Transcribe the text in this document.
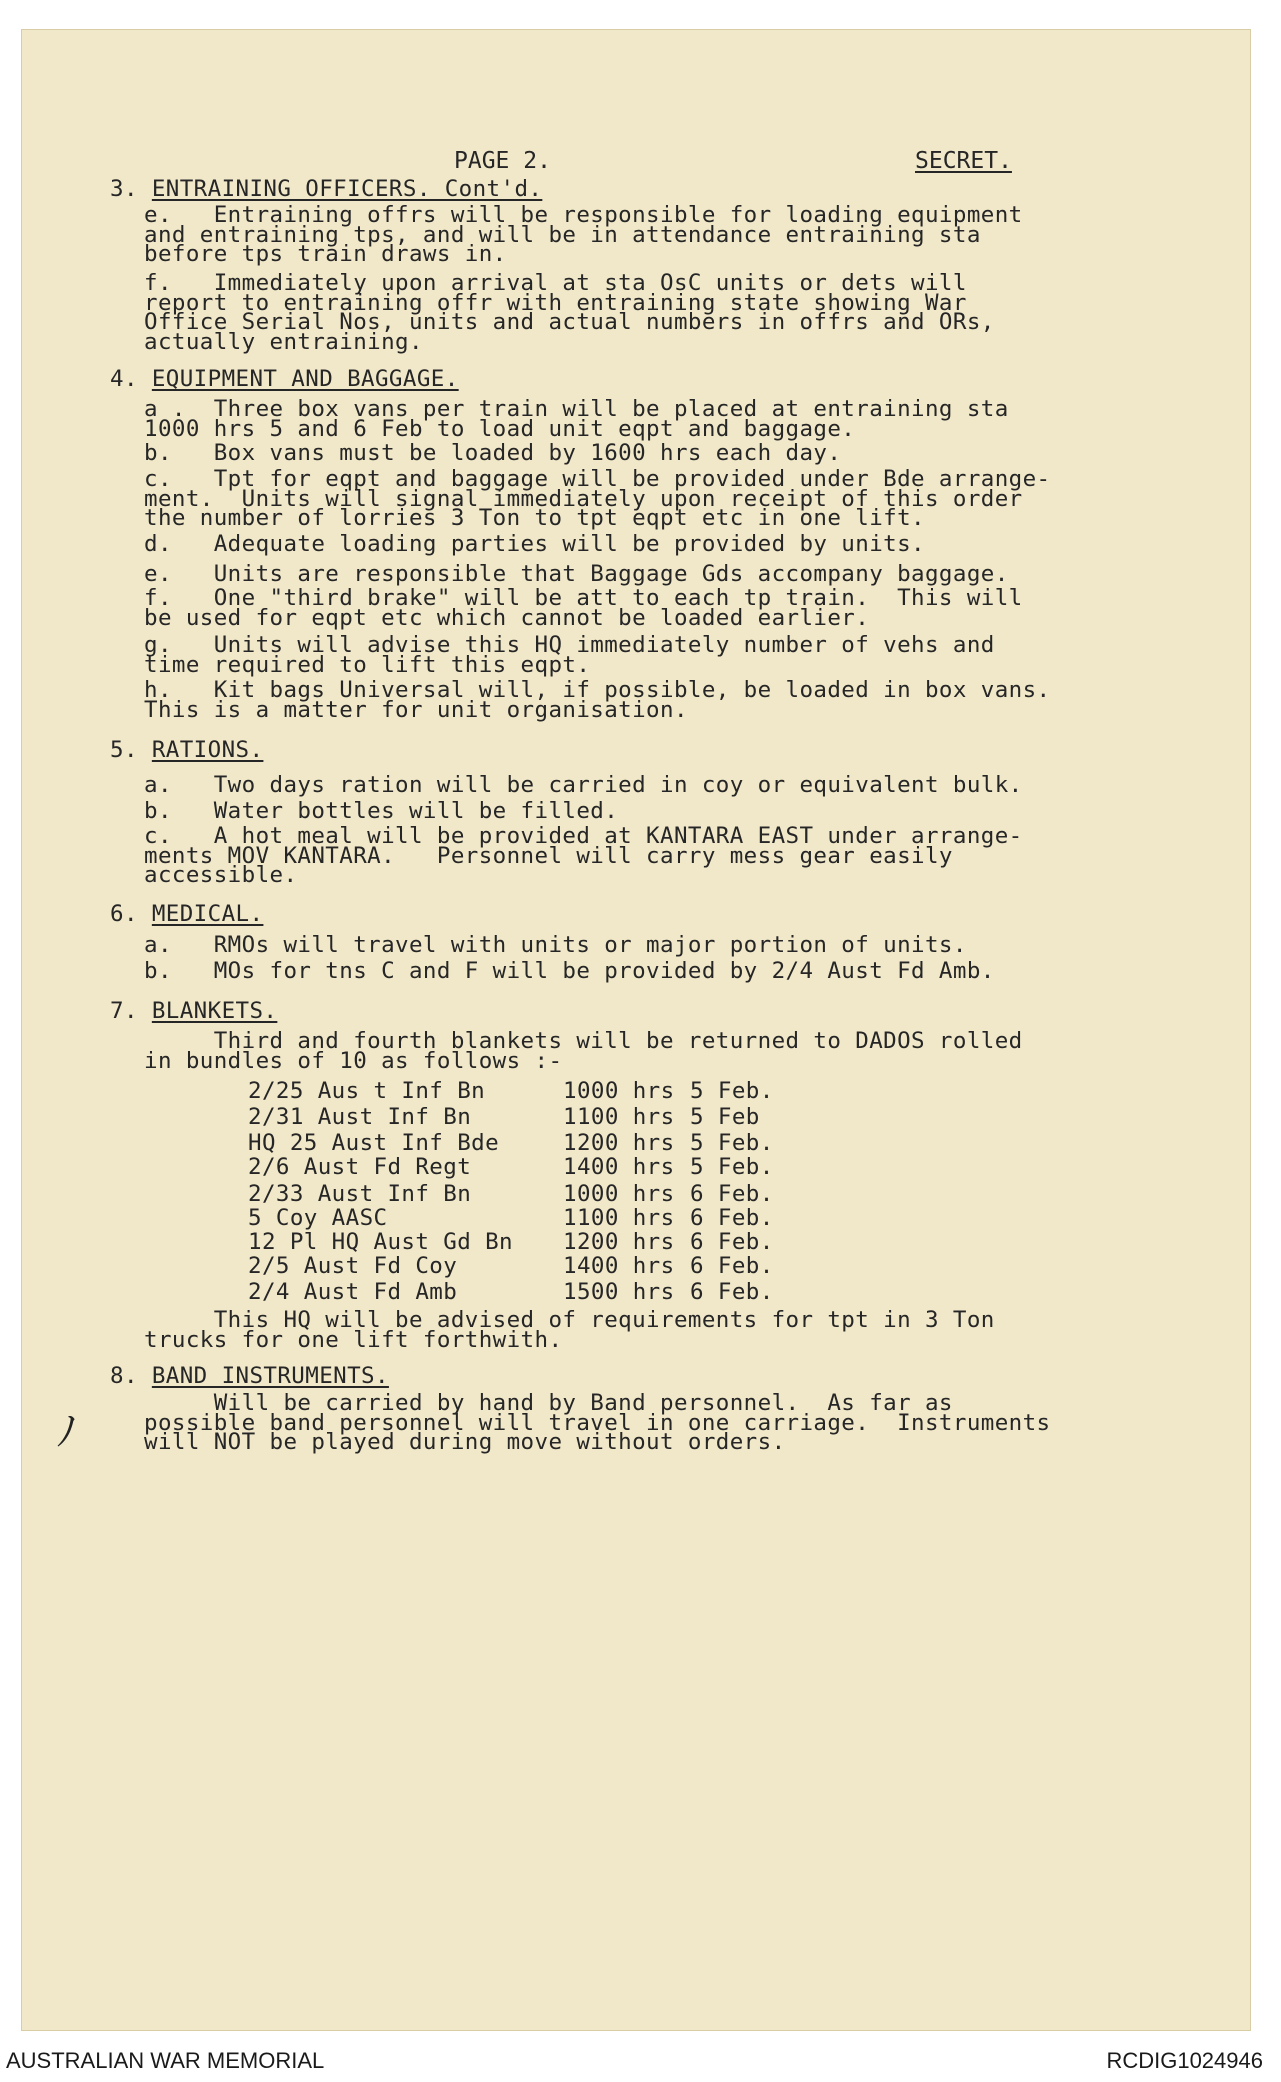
PAGE 2.	SECRET.
3. ENTRAINING OFFICERS. Cont'd.
e.   Entraining offrs will be responsible for loading equipment
and entraining tps, and will be in attendance entraining sta
before tps train draws in.
f.   Immediately upon arrival at sta OsC units or dets will
report to entraining offr with entraining state showing War
Office Serial Nos, units and actual numbers in offrs and ORs,
actually entraining.
4. EQUIPMENT AND BAGGAGE.
a .  Three box vans per train will be placed at entraining sta
1000 hrs 5 and 6 Feb to load unit eqpt and baggage.
b.   Box vans must be loaded by 1600 hrs each day.
c.   Tpt for eqpt and baggage will be provided under Bde arrange-
ment.  Units will signal immediately upon receipt of this order
the number of lorries 3 Ton to tpt eqpt etc in one lift.
d.   Adequate loading parties will be provided by units.
e.   Units are responsible that Baggage Gds accompany baggage.
f.   One "third brake" will be att to each tp train.  This will
be used for eqpt etc which cannot be loaded earlier.
g.   Units will advise this HQ immediately number of vehs and
time required to lift this eqpt.
h.   Kit bags Universal will, if possible, be loaded in box vans.
This is a matter for unit organisation.
5. RATIONS.
a.   Two days ration will be carried in coy or equivalent bulk.
b.   Water bottles will be filled.
c.   A hot meal will be provided at KANTARA EAST under arrange-
ments MOV KANTARA.   Personnel will carry mess gear easily
accessible.
6. MEDICAL.
a.   RMOs will travel with units or major portion of units.
b.   MOs for tns C and F will be provided by 2/4 Aust Fd Amb.
7. BLANKETS.
Third and fourth blankets will be returned to DADOS rolled
in bundles of 10 as follows :-
2/25 Aus t Inf Bn	1000 hrs 5 Feb.
2/31 Aust Inf Bn	1100 hrs 5 Feb
HQ 25 Aust Inf Bde	1200 hrs 5 Feb.
2/6 Aust Fd Regt	1400 hrs 5 Feb.
2/33 Aust Inf Bn	1000 hrs 6 Feb.
5 Coy AASC	1100 hrs 6 Feb.
12 Pl HQ Aust Gd Bn 1200 hrs 6 Feb.
2/5 Aust Fd Coy	1400 hrs 6 Feb.
2/4 Aust Fd Amb	1500 hrs 6 Feb.
This HQ will be advised of requirements for tpt in 3 Ton
trucks for one lift forthwith.
8. BAND INSTRUMENTS.
Will be carried by hand by Band personnel.  As far as
possible band personnel will travel in one carriage.  Instruments
will NOT be played during move without orders.
ﾉ
AUSTRALIAN WAR MEMORIAL	RCDIG1024946
